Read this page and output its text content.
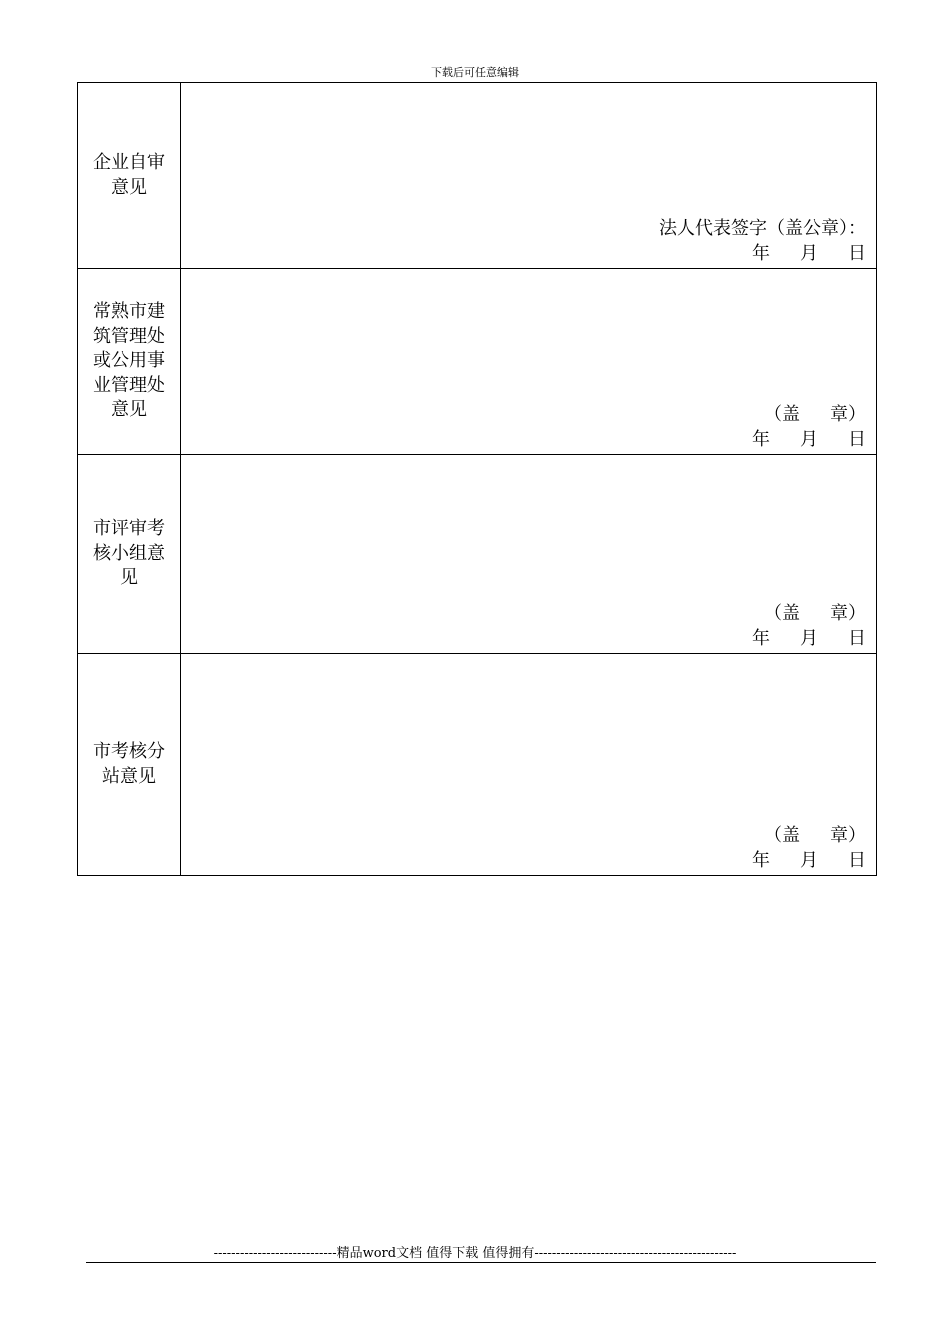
下载后可任意编辑
企业自审意见	法人代表签字（盖公章）：
年 月 日

常熟市建筑管理处或公用事业管理处意见	（盖 章）
年 月 日

市评审考核小组意见	（盖 章）
年 月 日

市考核分站意见	（盖 章）
年 月 日
----------------------------精品word文档 值得下载 值得拥有----------------------------------------------
